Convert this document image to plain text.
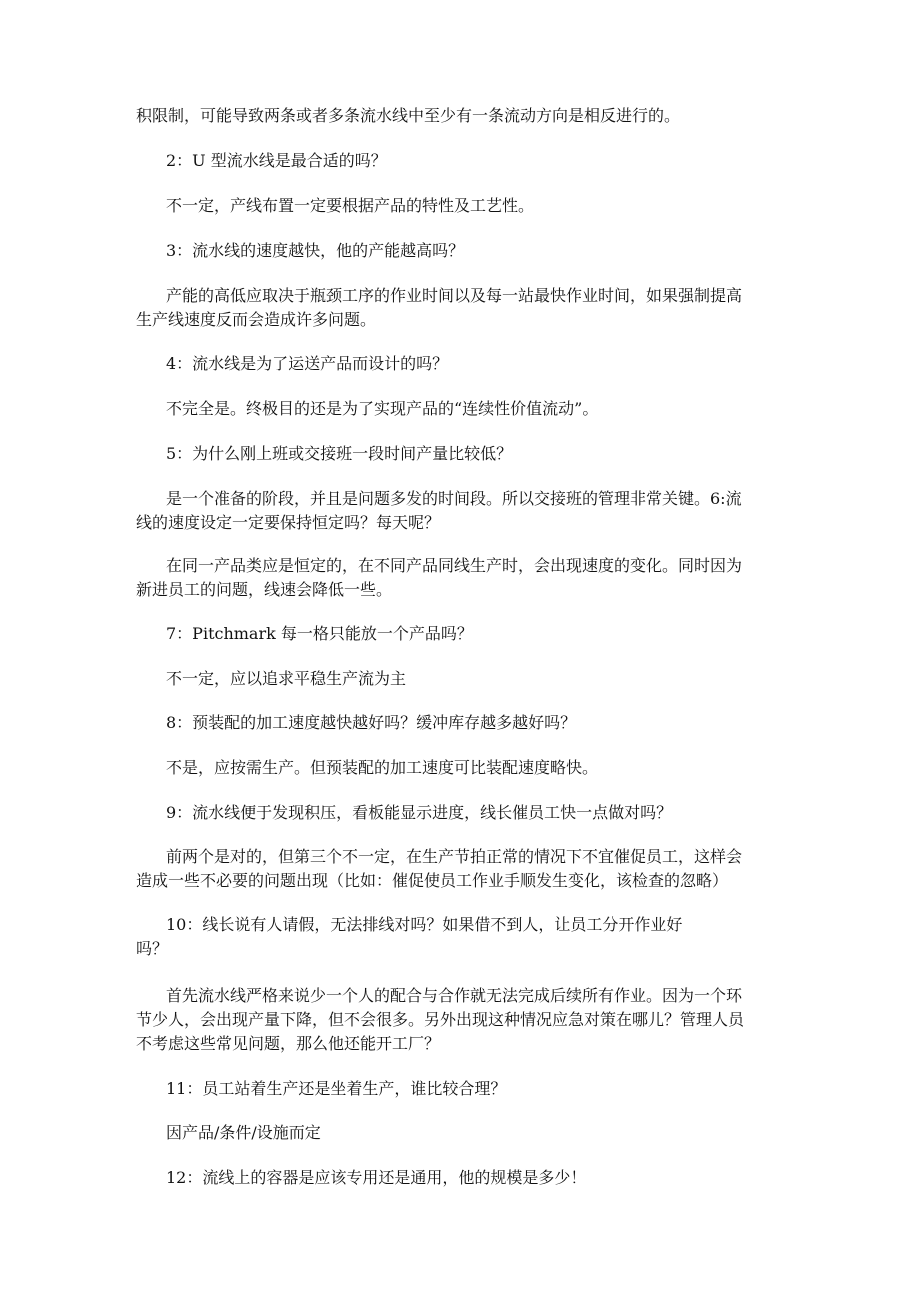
积限制，可能导致两条或者多条流水线中至少有一条流动方向是相反进行的。
2：U 型流水线是最合适的吗？
不一定，产线布置一定要根据产品的特性及工艺性。
3：流水线的速度越快，他的产能越高吗？
产能的高低应取决于瓶颈工序的作业时间以及每一站最快作业时间，如果强制提高
生产线速度反而会造成许多问题。
4：流水线是为了运送产品而设计的吗？
不完全是。终极目的还是为了实现产品的“连续性价值流动”。
5：为什么刚上班或交接班一段时间产量比较低？
是一个准备的阶段，并且是问题多发的时间段。所以交接班的管理非常关键。6:流
线的速度设定一定要保持恒定吗？每天呢？
在同一产品类应是恒定的，在不同产品同线生产时，会出现速度的变化。同时因为
新进员工的问题，线速会降低一些。
7：Pitchmark 每一格只能放一个产品吗？
不一定，应以追求平稳生产流为主
8：预装配的加工速度越快越好吗？缓冲库存越多越好吗？
不是，应按需生产。但预装配的加工速度可比装配速度略快。
9：流水线便于发现积压，看板能显示进度，线长催员工快一点做对吗？
前两个是对的，但第三个不一定，在生产节拍正常的情况下不宜催促员工，这样会
造成一些不必要的问题出现（比如：催促使员工作业手顺发生变化，该检查的忽略）
10：线长说有人请假，无法排线对吗？如果借不到人，让员工分开作业好
吗？
首先流水线严格来说少一个人的配合与合作就无法完成后续所有作业。因为一个环
节少人，会出现产量下降，但不会很多。另外出现这种情况应急对策在哪儿？管理人员
不考虑这些常见问题，那么他还能开工厂？
11：员工站着生产还是坐着生产，谁比较合理？
因产品/条件/设施而定
12：流线上的容器是应该专用还是通用，他的规模是多少！
